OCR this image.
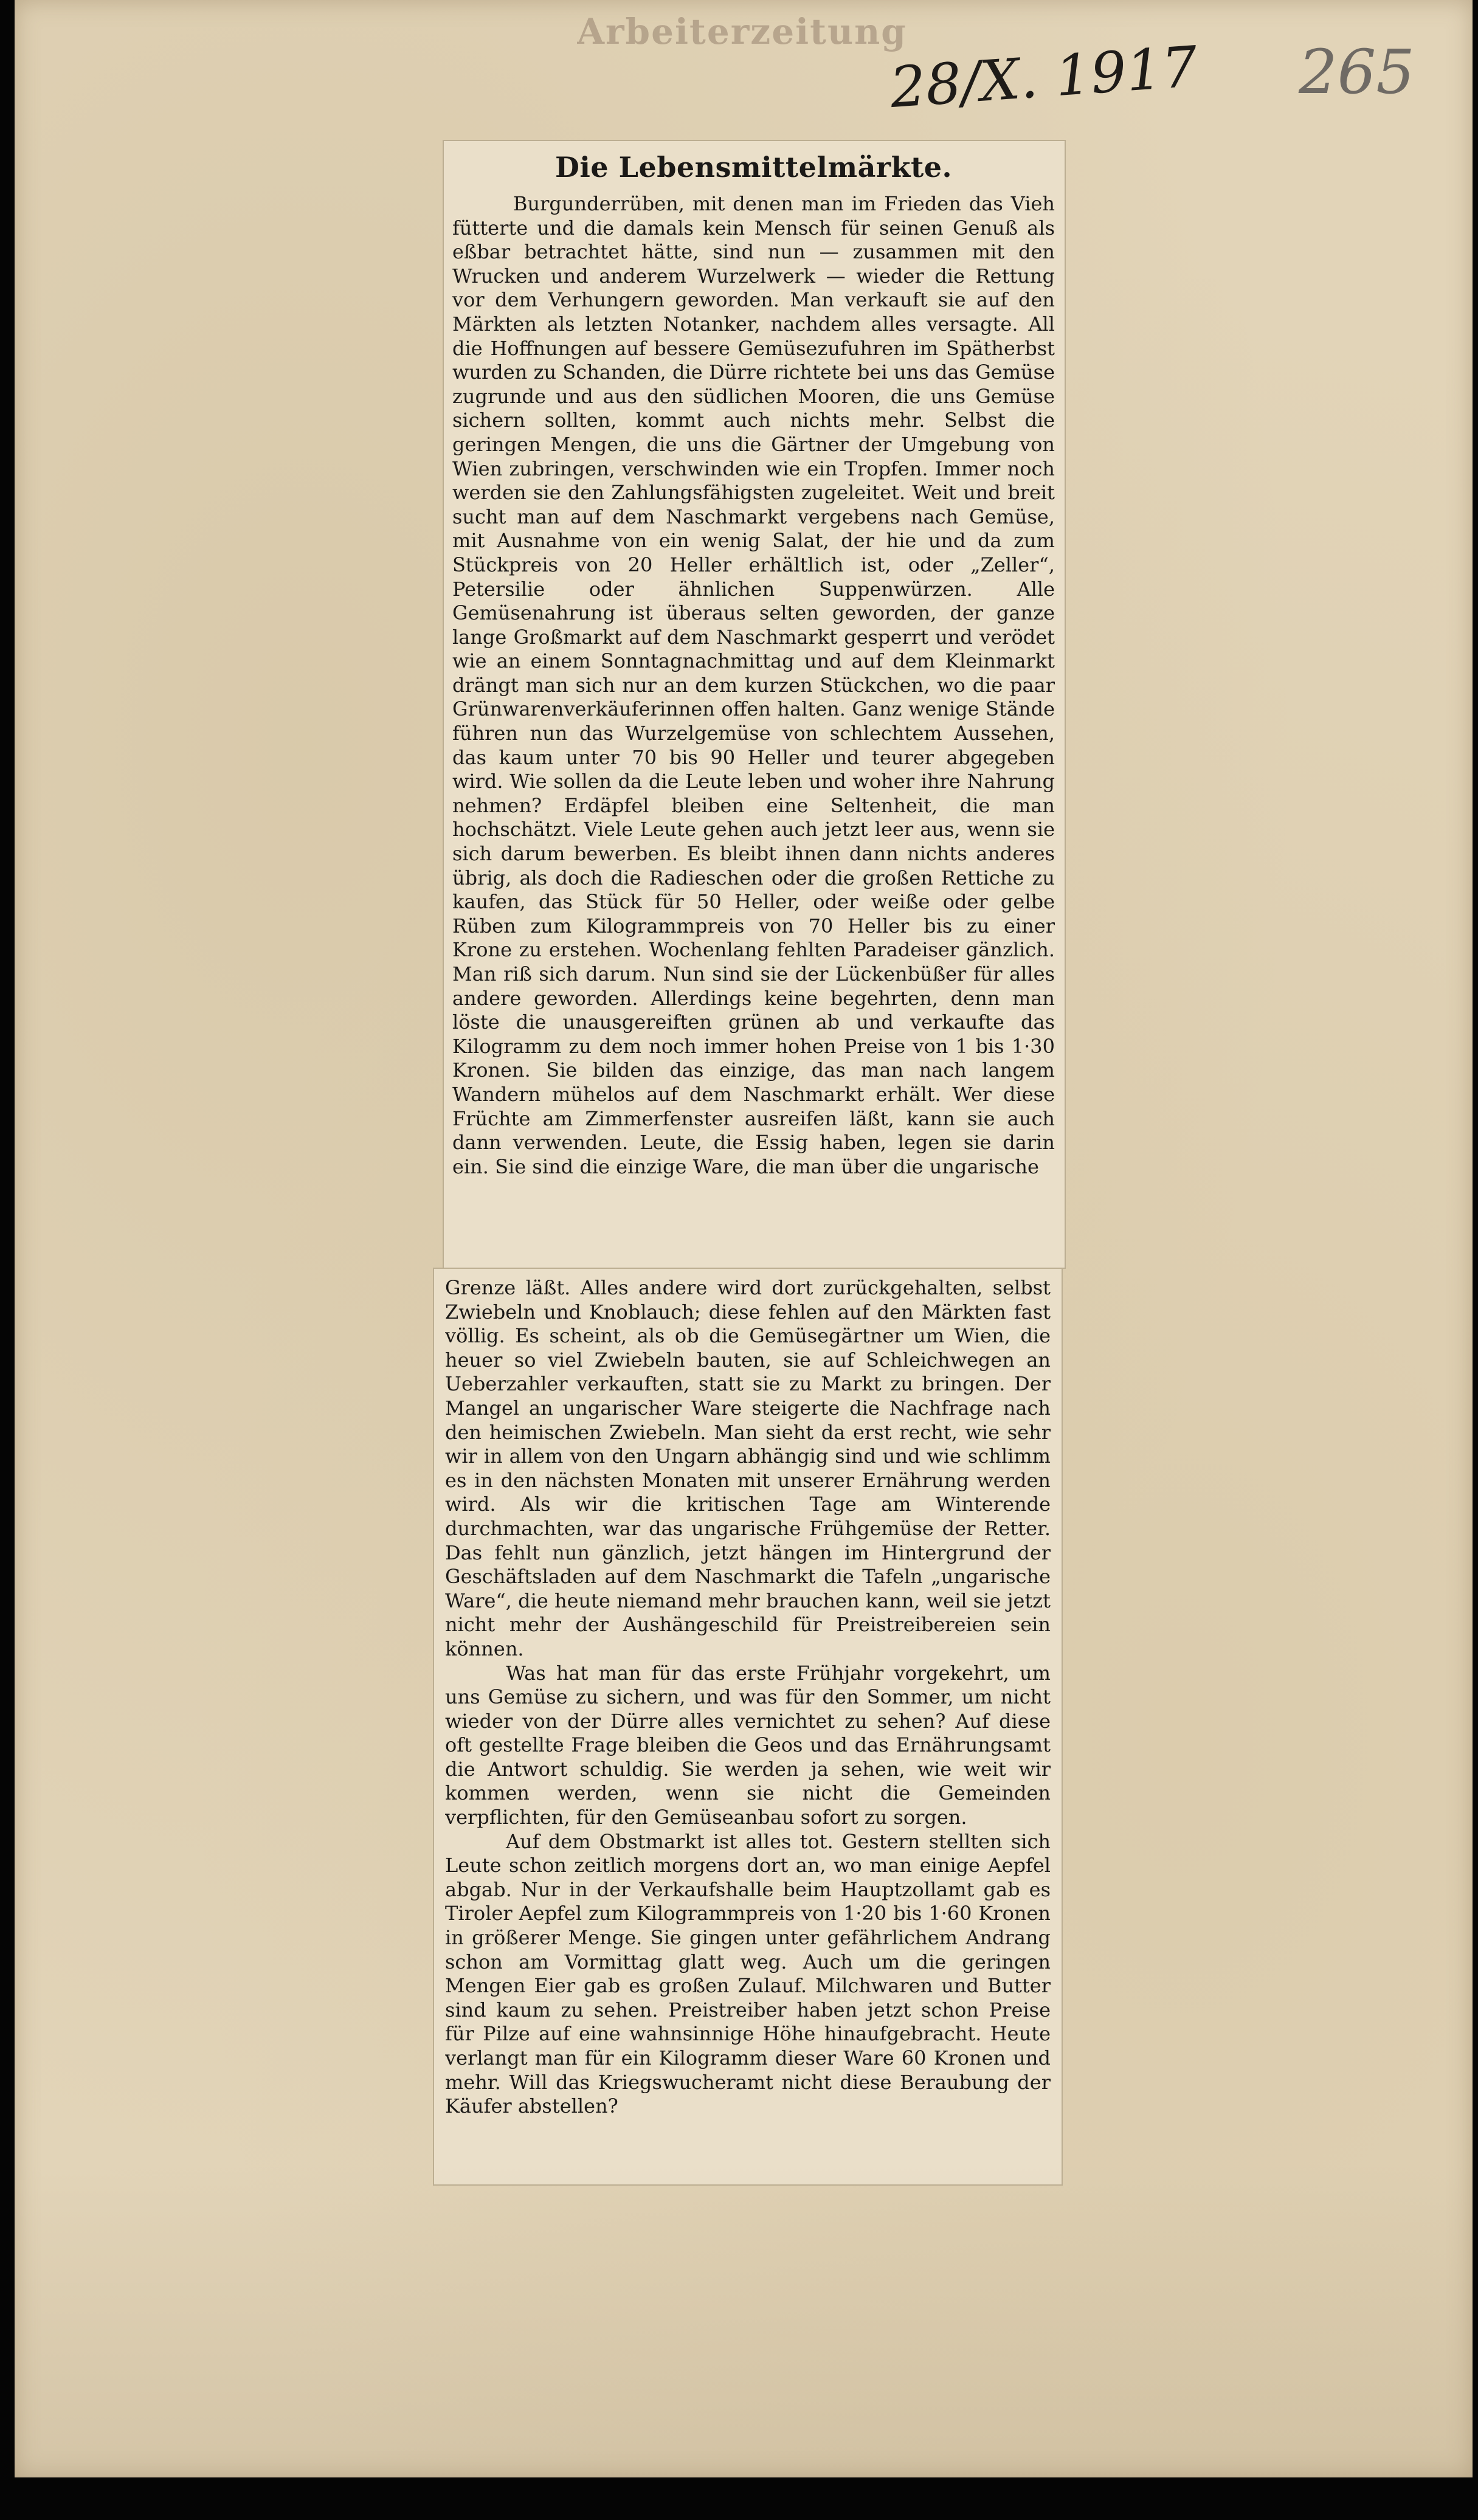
Arbeiterzeitung
28/X. 1917 265
Die Lebensmittelmärkte.

Burgunderrüben, mit denen man im Frieden das Vieh fütterte und die damals kein Mensch für seinen Genuß als eßbar betrachtet hätte, sind nun — zusammen mit den Wrucken und anderem Wurzelwerk — wieder die Rettung vor dem Verhungern geworden. Man verkauft sie auf den Märkten als letzten Notanker, nachdem alles versagte. All die Hoffnungen auf bessere Gemüsezufuhren im Spätherbst wurden zu Schanden, die Dürre richtete bei uns das Gemüse zugrunde und aus den südlichen Mooren, die uns Gemüse sichern sollten, kommt auch nichts mehr. Selbst die geringen Mengen, die uns die Gärtner der Umgebung von Wien zubringen, verschwinden wie ein Tropfen. Immer noch werden sie den Zahlungsfähigsten zugeleitet. Weit und breit sucht man auf dem Naschmarkt vergebens nach Gemüse, mit Ausnahme von ein wenig Salat, der hie und da zum Stückpreis von 20 Heller erhältlich ist, oder „Zeller“, Petersilie oder ähnlichen Suppenwürzen. Alle Gemüsenahrung ist überaus selten geworden, der ganze lange Großmarkt auf dem Naschmarkt gesperrt und verödet wie an einem Sonntagnachmittag und auf dem Kleinmarkt drängt man sich nur an dem kurzen Stückchen, wo die paar Grünwarenverkäuferinnen offen halten. Ganz wenige Stände führen nun das Wurzelgemüse von schlechtem Aussehen, das kaum unter 70 bis 90 Heller und teurer abgegeben wird. Wie sollen da die Leute leben und woher ihre Nahrung nehmen? Erdäpfel bleiben eine Seltenheit, die man hochschätzt. Viele Leute gehen auch jetzt leer aus, wenn sie sich darum bewerben. Es bleibt ihnen dann nichts anderes übrig, als doch die Radieschen oder die großen Rettiche zu kaufen, das Stück für 50 Heller, oder weiße oder gelbe Rüben zum Kilogrammpreis von 70 Heller bis zu einer Krone zu erstehen. Wochenlang fehlten Paradeiser gänzlich. Man riß sich darum. Nun sind sie der Lückenbüßer für alles andere geworden. Allerdings keine begehrten, denn man löste die unausgereiften grünen ab und verkaufte das Kilogramm zu dem noch immer hohen Preise von 1 bis 1·30 Kronen. Sie bilden das einzige, das man nach langem Wandern mühelos auf dem Naschmarkt erhält. Wer diese Früchte am Zimmerfenster ausreifen läßt, kann sie auch dann verwenden. Leute, die Essig haben, legen sie darin ein. Sie sind die einzige Ware, die man über die ungarische

Grenze läßt. Alles andere wird dort zurückgehalten, selbst Zwiebeln und Knoblauch; diese fehlen auf den Märkten fast völlig. Es scheint, als ob die Gemüsegärtner um Wien, die heuer so viel Zwiebeln bauten, sie auf Schleichwegen an Ueberzahler verkauften, statt sie zu Markt zu bringen. Der Mangel an ungarischer Ware steigerte die Nachfrage nach den heimischen Zwiebeln. Man sieht da erst recht, wie sehr wir in allem von den Ungarn abhängig sind und wie schlimm es in den nächsten Monaten mit unserer Ernährung werden wird. Als wir die kritischen Tage am Winterende durchmachten, war das ungarische Frühgemüse der Retter. Das fehlt nun gänzlich, jetzt hängen im Hintergrund der Geschäftsladen auf dem Naschmarkt die Tafeln „ungarische Ware“, die heute niemand mehr brauchen kann, weil sie jetzt nicht mehr der Aushängeschild für Preistreibereien sein können.

Was hat man für das erste Frühjahr vorgekehrt, um uns Gemüse zu sichern, und was für den Sommer, um nicht wieder von der Dürre alles vernichtet zu sehen? Auf diese oft gestellte Frage bleiben die Geos und das Ernährungsamt die Antwort schuldig. Sie werden ja sehen, wie weit wir kommen werden, wenn sie nicht die Gemeinden verpflichten, für den Gemüseanbau sofort zu sorgen.

Auf dem Obstmarkt ist alles tot. Gestern stellten sich Leute schon zeitlich morgens dort an, wo man einige Aepfel abgab. Nur in der Verkaufshalle beim Hauptzollamt gab es Tiroler Aepfel zum Kilogrammpreis von 1·20 bis 1·60 Kronen in größerer Menge. Sie gingen unter gefährlichem Andrang schon am Vormittag glatt weg. Auch um die geringen Mengen Eier gab es großen Zulauf. Milchwaren und Butter sind kaum zu sehen. Preistreiber haben jetzt schon Preise für Pilze auf eine wahnsinnige Höhe hinaufgebracht. Heute verlangt man für ein Kilogramm dieser Ware 60 Kronen und mehr. Will das Kriegswucheramt nicht diese Beraubung der Käufer abstellen?
